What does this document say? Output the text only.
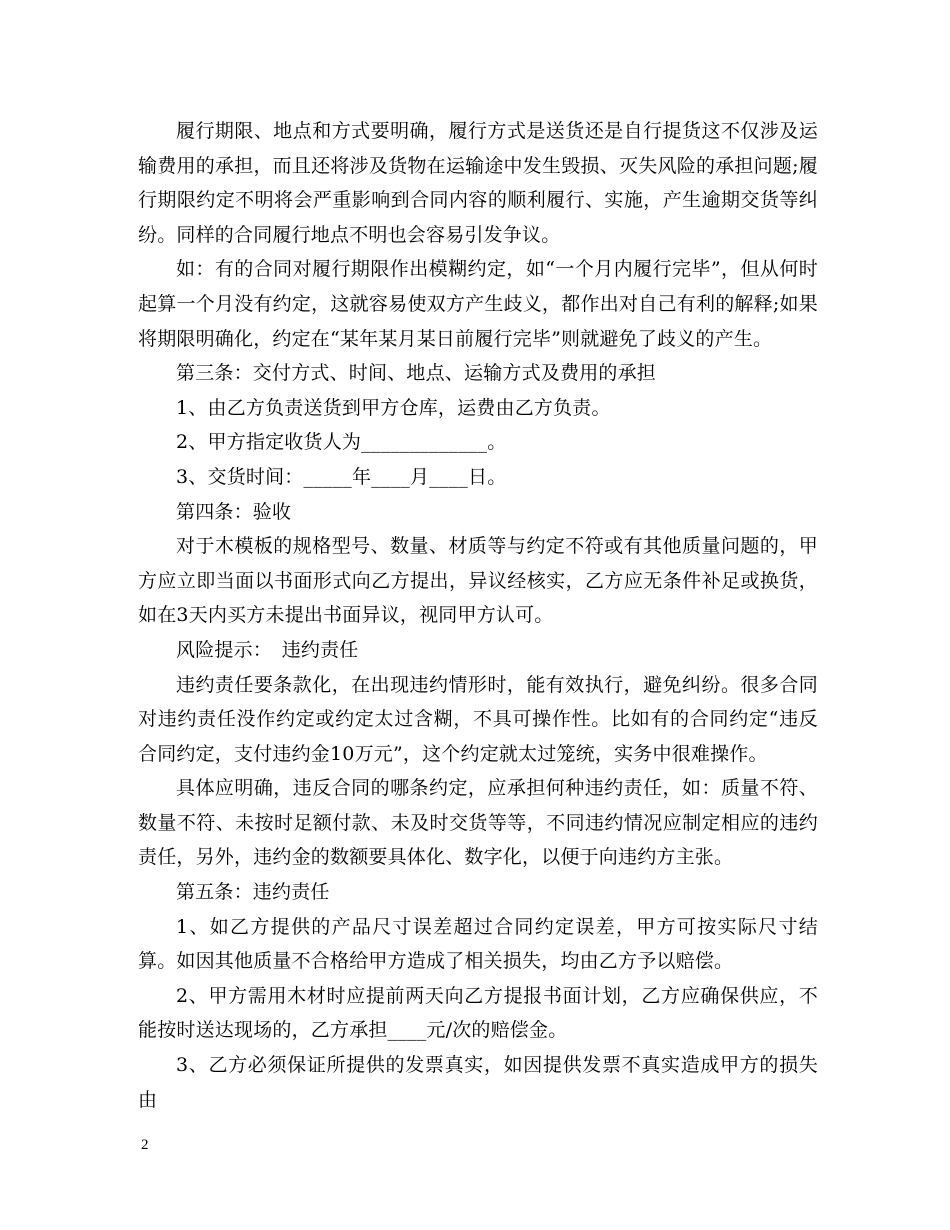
履行期限、地点和方式要明确，履行方式是送货还是自行提货这不仅涉及运输费用的承担，而且还将涉及货物在运输途中发生毁损、灭失风险的承担问题;履行期限约定不明将会严重影响到合同内容的顺利履行、实施，产生逾期交货等纠纷。同样的合同履行地点不明也会容易引发争议。

如：有的合同对履行期限作出模糊约定，如“一个月内履行完毕”，但从何时起算一个月没有约定，这就容易使双方产生歧义，都作出对自己有利的解释;如果将期限明确化，约定在“某年某月某日前履行完毕”则就避免了歧义的产生。

第三条：交付方式、时间、地点、运输方式及费用的承担

1、由乙方负责送货到甲方仓库，运费由乙方负责。

2、甲方指定收货人为_____________。

3、交货时间：_____年____月____日。

第四条：验收

对于木模板的规格型号、数量、材质等与约定不符或有其他质量问题的，甲方应立即当面以书面形式向乙方提出，异议经核实，乙方应无条件补足或换货，如在3天内买方未提出书面异议，视同甲方认可。

风险提示：　违约责任

违约责任要条款化，在出现违约情形时，能有效执行，避免纠纷。很多合同对违约责任没作约定或约定太过含糊，不具可操作性。比如有的合同约定“违反合同约定，支付违约金10万元”，这个约定就太过笼统，实务中很难操作。

具体应明确，违反合同的哪条约定，应承担何种违约责任，如：质量不符、数量不符、未按时足额付款、未及时交货等等，不同违约情况应制定相应的违约责任，另外，违约金的数额要具体化、数字化，以便于向违约方主张。

第五条：违约责任

1、如乙方提供的产品尺寸误差超过合同约定误差，甲方可按实际尺寸结算。如因其他质量不合格给甲方造成了相关损失，均由乙方予以赔偿。

2、甲方需用木材时应提前两天向乙方提报书面计划，乙方应确保供应，不能按时送达现场的，乙方承担____元/次的赔偿金。

3、乙方必须保证所提供的发票真实，如因提供发票不真实造成甲方的损失由

2
